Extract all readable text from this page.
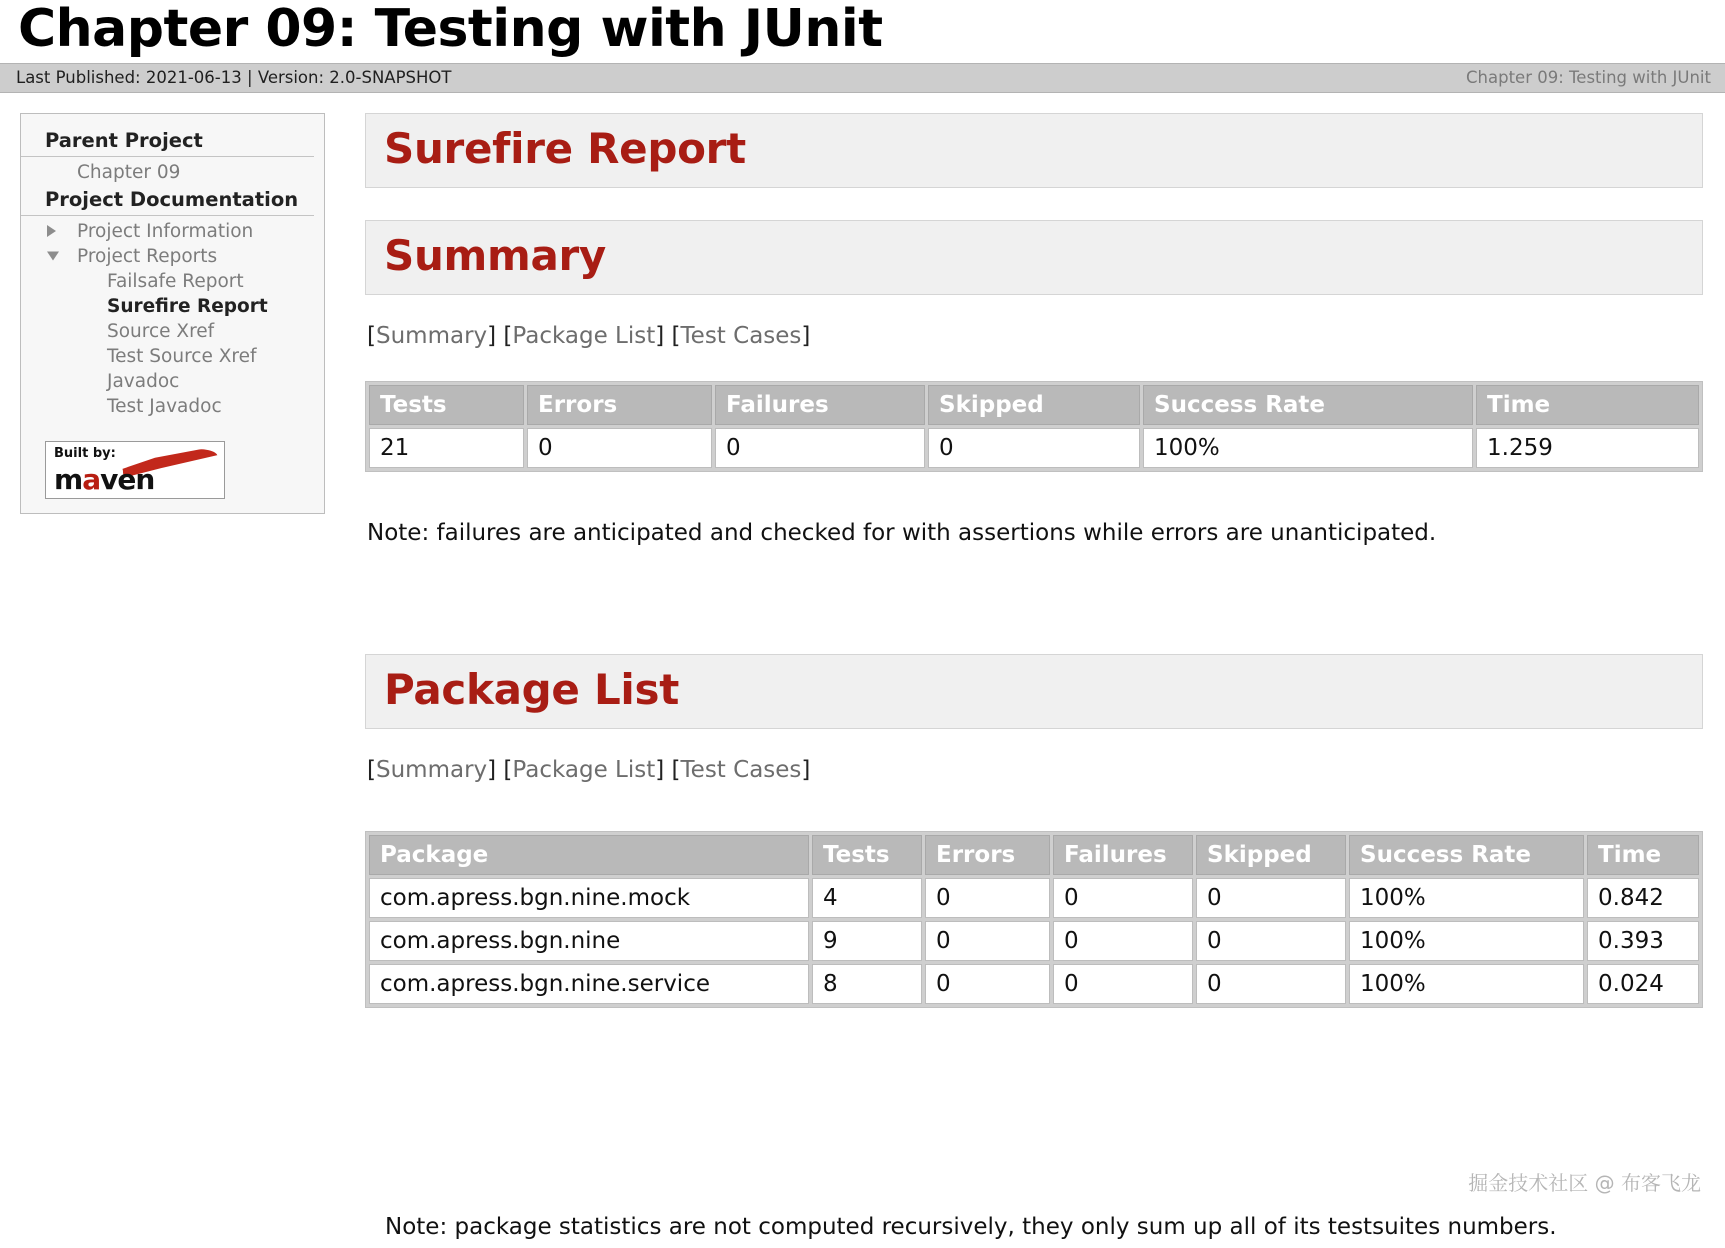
Chapter 09: Testing with JUnit
Last Published: 2021-06-13 | Version: 2.0-SNAPSHOT	Chapter 09: Testing with JUnit
Parent Project
Chapter 09
Project Documentation
Project Information
Project Reports
Failsafe Report
Surefire Report
Source Xref
Test Source Xref
Javadoc
Test Javadoc
Built by:
maven
Surefire Report
Summary
[Summary] [Package List] [Test Cases]
Tests	Errors	Failures	Skipped	Success Rate	Time
21	0	0	0	100%	1.259
Note: failures are anticipated and checked for with assertions while errors are unanticipated.
Package List
[Summary] [Package List] [Test Cases]
Package	Tests	Errors	Failures	Skipped	Success Rate	Time
com.apress.bgn.nine.mock	4	0	0	0	100%	0.842
com.apress.bgn.nine	9	0	0	0	100%	0.393
com.apress.bgn.nine.service	8	0	0	0	100%	0.024
掘金技术社区 @ 布客飞龙
Note: package statistics are not computed recursively, they only sum up all of its testsuites numbers.
